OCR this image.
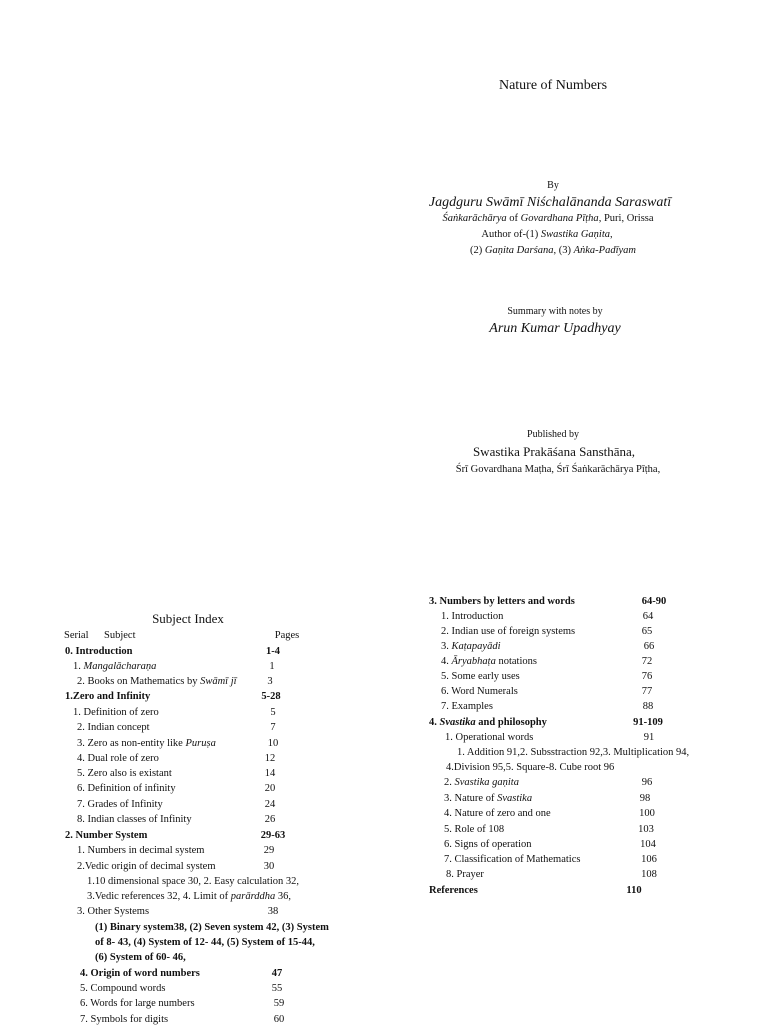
Nature of Numbers
By
Jagdguru Swāmī Niśchalānanda Saraswatī
Śaṅkarāchārya of Govardhana Pīṭha, Puri, Orissa
Author of-(1) Swastika Gaṇita,
(2) Gaṇita Darśana, (3) Aṅka-Padīyam
Summary with notes by
Arun Kumar Upadhyay
Published by
Swastika Prakāśana Sansthāna,
Śrī Govardhana Maṭha, Śrī Śaṅkarāchārya Pīṭha,
Subject Index
Serial Subject	Pages
0. Introduction	1-4
1. Mangalācharaṇa	1
2. Books on Mathematics by Swāmī jī	3
1.Zero and Infinity	5-28
1. Definition of zero	5
2. Indian concept	7
3. Zero as non-entity like Puruṣa	10
4. Dual role of zero	12
5. Zero also is existant	14
6. Definition of infinity	20
7. Grades of Infinity	24
8. Indian classes of Infinity	26
2. Number System	29-63
1. Numbers in decimal system	29
2.Vedic origin of decimal system	30
1.10 dimensional space 30, 2. Easy calculation 32,
3.Vedic references 32, 4. Limit of parārddha 36,
3. Other Systems	38
(1) Binary system38, (2) Seven system 42, (3) System
of 8- 43, (4) System of 12- 44, (5) System of 15-44,
(6) System of 60- 46,
4. Origin of word numbers	47
5. Compound words	55
6. Words for large numbers	59
7. Symbols for digits	60
3. Numbers by letters and words	64-90
1. Introduction	64
2. Indian use of foreign systems	65
3. Kaṭapayādi	66
4. Āryabhaṭa notations	72
5. Some early uses	76
6. Word Numerals	77
7. Examples	88
4. Svastika and philosophy	91-109
1. Operational words	91
1. Addition 91,2. Subsstraction 92,3. Multiplication 94,
4.Division 95,5. Square-8. Cube root 96
2. Svastika gaṇita	96
3. Nature of Svastika	98
4. Nature of zero and one	100
5. Role of 108	103
6. Signs of operation	104
7. Classification of Mathematics	106
8. Prayer	108
References	110
